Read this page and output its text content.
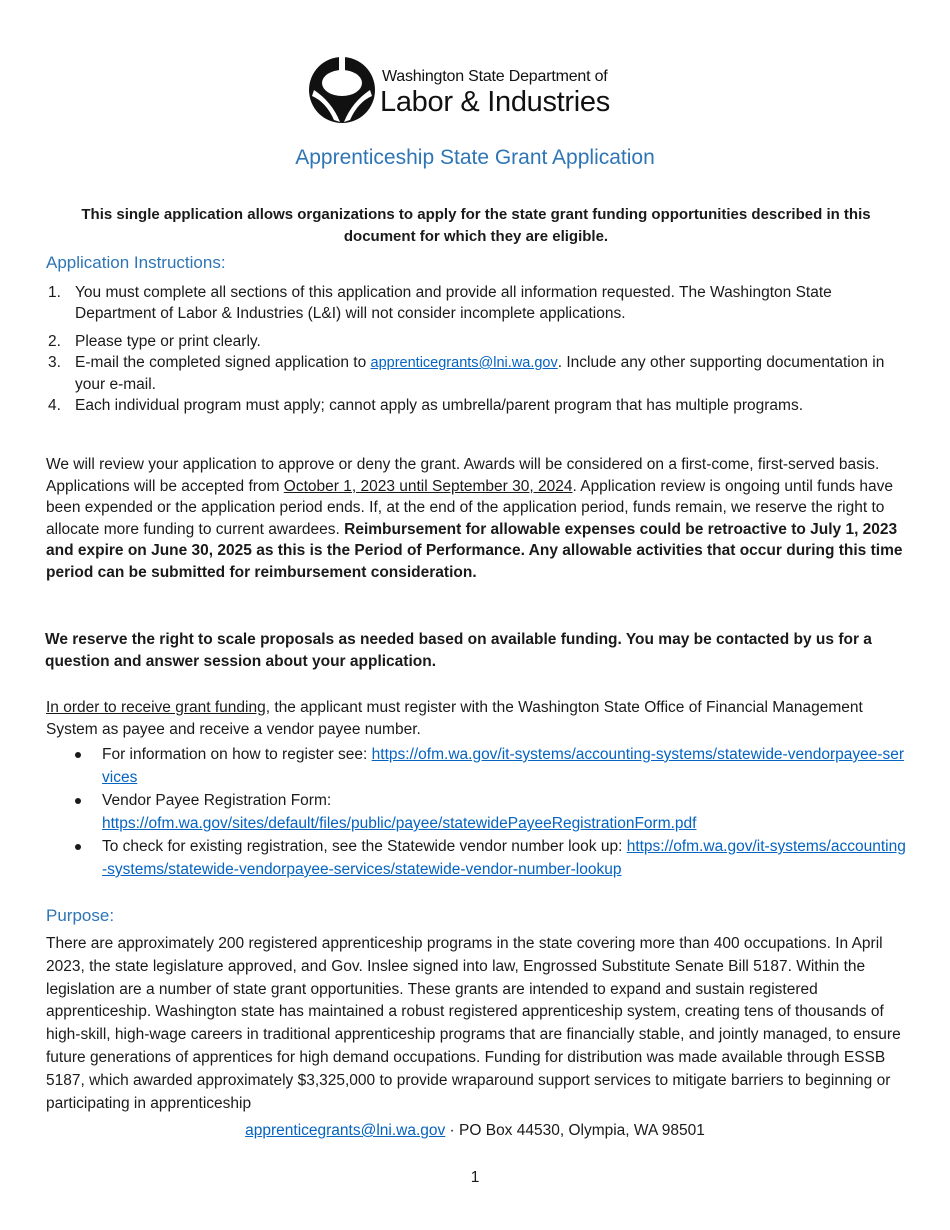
Washington State Department of
Labor & Industries
Apprenticeship State Grant Application
This single application allows organizations to apply for the state grant funding opportunities described in this document for which they are eligible.
Application Instructions:
1. You must complete all sections of this application and provide all information requested. The Washington State Department of Labor & Industries (L&I) will not consider incomplete applications.
2. Please type or print clearly.
3. E-mail the completed signed application to apprenticegrants@lni.wa.gov. Include any other supporting documentation in your e-mail.
4. Each individual program must apply; cannot apply as umbrella/parent program that has multiple programs.
We will review your application to approve or deny the grant. Awards will be considered on a first-come, first-served basis. Applications will be accepted from October 1, 2023 until September 30, 2024. Application review is ongoing until funds have been expended or the application period ends. If, at the end of the application period, funds remain, we reserve the right to allocate more funding to current awardees. Reimbursement for allowable expenses could be retroactive to July 1, 2023 and expire on June 30, 2025 as this is the Period of Performance. Any allowable activities that occur during this time period can be submitted for reimbursement consideration.
We reserve the right to scale proposals as needed based on available funding. You may be contacted by us for a question and answer session about your application.
In order to receive grant funding, the applicant must register with the Washington State Office of Financial Management System as payee and receive a vendor payee number.
For information on how to register see: https://ofm.wa.gov/it-systems/accounting-systems/statewide-vendorpayee-services
Vendor Payee Registration Form:
https://ofm.wa.gov/sites/default/files/public/payee/statewidePayeeRegistrationForm.pdf
To check for existing registration, see the Statewide vendor number look up: https://ofm.wa.gov/it-systems/accounting-systems/statewide-vendorpayee-services/statewide-vendor-number-lookup
Purpose:
There are approximately 200 registered apprenticeship programs in the state covering more than 400 occupations. In April 2023, the state legislature approved, and Gov. Inslee signed into law, Engrossed Substitute Senate Bill 5187. Within the legislation are a number of state grant opportunities. These grants are intended to expand and sustain registered apprenticeship. Washington state has maintained a robust registered apprenticeship system, creating tens of thousands of high-skill, high-wage careers in traditional apprenticeship programs that are financially stable, and jointly managed, to ensure future generations of apprentices for high demand occupations. Funding for distribution was made available through ESSB 5187, which awarded approximately $3,325,000 to provide wraparound support services to mitigate barriers to beginning or participating in apprenticeship
apprenticegrants@lni.wa.gov · PO Box 44530, Olympia, WA 98501
1
